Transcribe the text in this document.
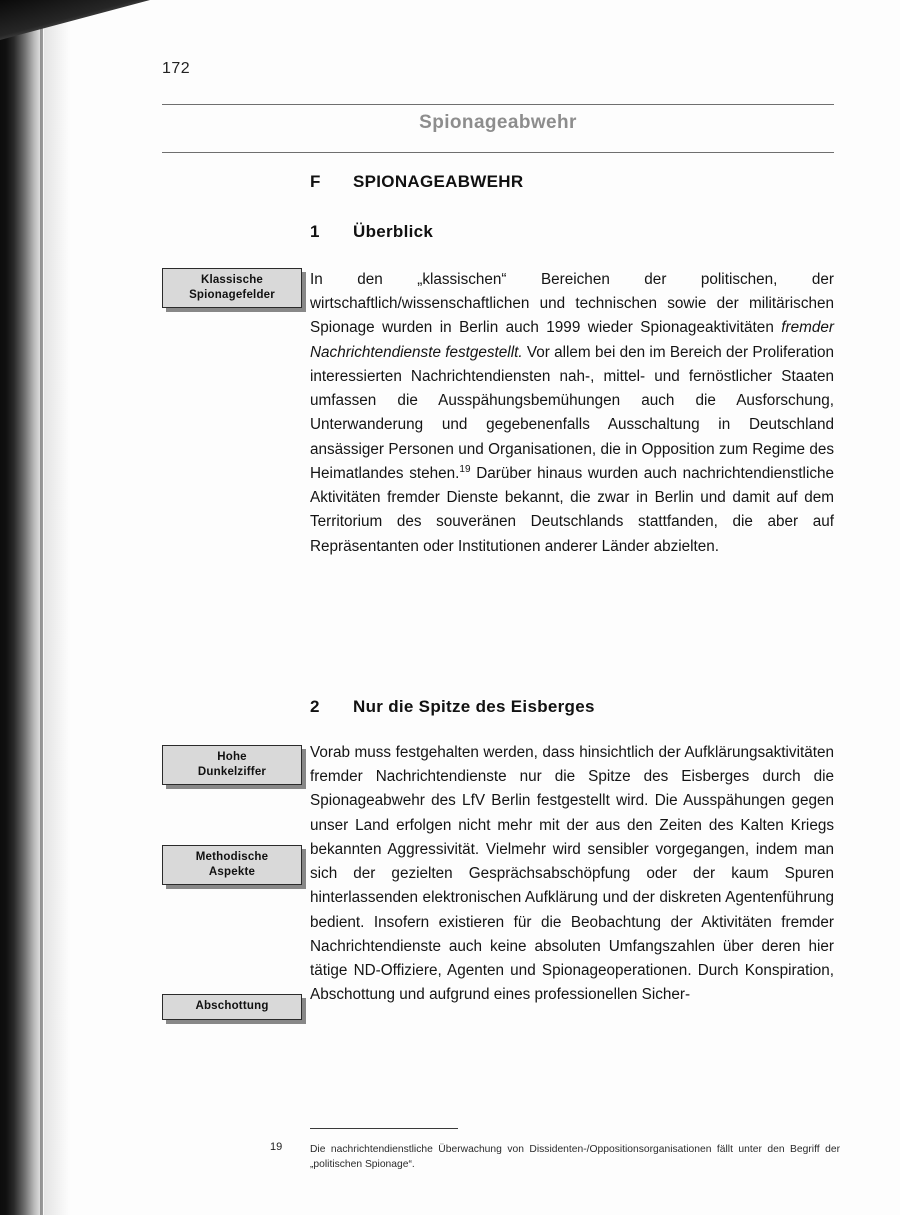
172
Spionageabwehr
F SPIONAGEABWEHR
1 Überblick
Klassische
Spionagefelder
In den „klassischen“ Bereichen der politischen, der wirtschaftlich/wissenschaftlichen und technischen sowie der militärischen Spionage wurden in Berlin auch 1999 wieder Spionageaktivitäten fremder Nachrichtendienste festgestellt. Vor allem bei den im Bereich der Proliferation interessierten Nachrichtendiensten nah-, mittel- und fernöstlicher Staaten umfassen die Ausspähungsbemühungen auch die Ausforschung, Unterwanderung und gegebenenfalls Ausschaltung in Deutschland ansässiger Personen und Organisationen, die in Opposition zum Regime des Heimatlandes stehen.$^{19}$ Darüber hinaus wurden auch nachrichtendienstliche Aktivitäten fremder Dienste bekannt, die zwar in Berlin und damit auf dem Territorium des souveränen Deutschlands stattfanden, die aber auf Repräsentanten oder Institutionen anderer Länder abzielten.
2 Nur die Spitze des Eisberges
Hohe
Dunkelziffer
Methodische
Aspekte
Abschottung
Vorab muss festgehalten werden, dass hinsichtlich der Aufklärungsaktivitäten fremder Nachrichtendienste nur die Spitze des Eisberges durch die Spionageabwehr des LfV Berlin festgestellt wird. Die Ausspähungen gegen unser Land erfolgen nicht mehr mit der aus den Zeiten des Kalten Kriegs bekannten Aggressivität. Vielmehr wird sensibler vorgegangen, indem man sich der gezielten Gesprächsabschöpfung oder der kaum Spuren hinterlassenden elektronischen Aufklärung und der diskreten Agentenführung bedient. Insofern existieren für die Beobachtung der Aktivitäten fremder Nachrichtendienste auch keine absoluten Umfangszahlen über deren hier tätige ND-Offiziere, Agenten und Spionageoperationen. Durch Konspiration, Abschottung und aufgrund eines professionellen Sicher-
19	Die nachrichtendienstliche Überwachung von Dissidenten-/Oppositionsorganisationen fällt unter den Begriff der „politischen Spionage“.
